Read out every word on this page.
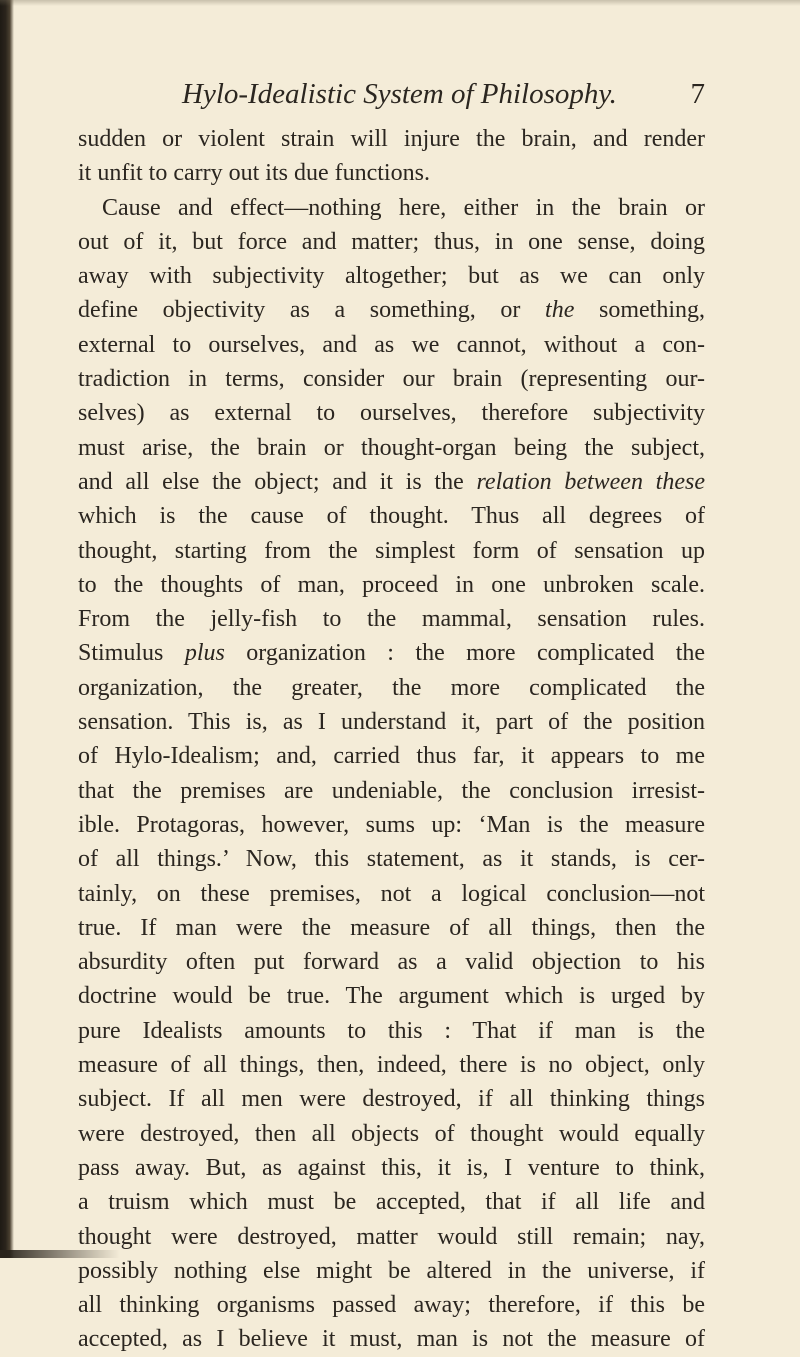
Hylo-Idealistic System of Philosophy.	7
sudden or violent strain will injure the brain, and render
it unfit to carry out its due functions.
Cause and effect—nothing here, either in the brain or
out of it, but force and matter; thus, in one sense, doing
away with subjectivity altogether; but as we can only
define objectivity as a something, or the something,
external to ourselves, and as we cannot, without a con-
tradiction in terms, consider our brain (representing our-
selves) as external to ourselves, therefore subjectivity
must arise, the brain or thought-organ being the subject,
and all else the object; and it is the relation between these
which is the cause of thought. Thus all degrees of
thought, starting from the simplest form of sensation up
to the thoughts of man, proceed in one unbroken scale.
From the jelly-fish to the mammal, sensation rules.
Stimulus plus organization : the more complicated the
organization, the greater, the more complicated the
sensation. This is, as I understand it, part of the position
of Hylo-Idealism; and, carried thus far, it appears to me
that the premises are undeniable, the conclusion irresist-
ible. Protagoras, however, sums up: ‘Man is the measure
of all things.’ Now, this statement, as it stands, is cer-
tainly, on these premises, not a logical conclusion—not
true. If man were the measure of all things, then the
absurdity often put forward as a valid objection to his
doctrine would be true. The argument which is urged by
pure Idealists amounts to this : That if man is the
measure of all things, then, indeed, there is no object, only
subject. If all men were destroyed, if all thinking things
were destroyed, then all objects of thought would equally
pass away. But, as against this, it is, I venture to think,
a truism which must be accepted, that if all life and
thought were destroyed, matter would still remain; nay,
possibly nothing else might be altered in the universe, if
all thinking organisms passed away; therefore, if this be
accepted, as I believe it must, man is not the measure of
